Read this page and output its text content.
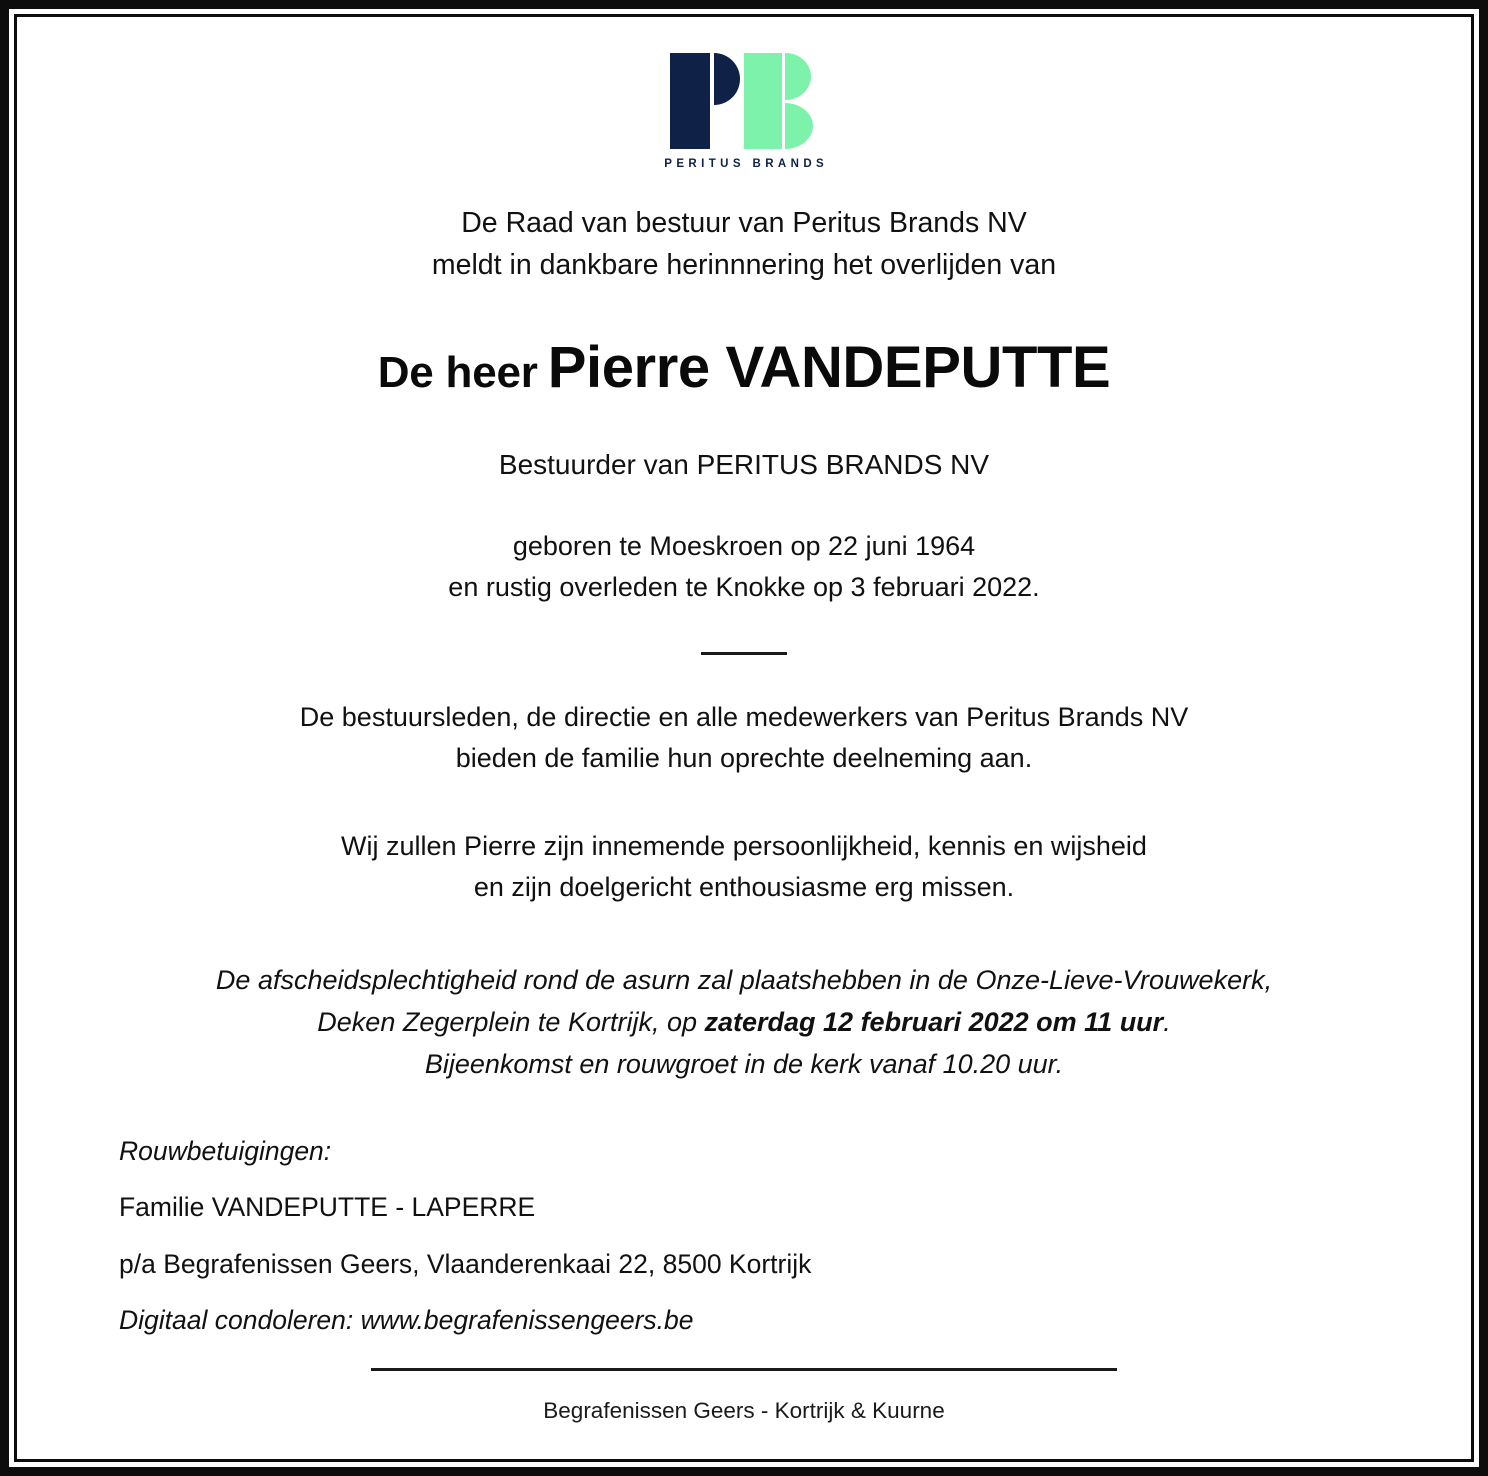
PERITUS BRANDS
De Raad van bestuur van Peritus Brands NV
meldt in dankbare herinnnering het overlijden van
De heer Pierre VANDEPUTTE
Bestuurder van PERITUS BRANDS NV
geboren te Moeskroen op 22 juni 1964
en rustig overleden te Knokke op 3 februari 2022.
De bestuursleden, de directie en alle medewerkers van Peritus Brands NV
bieden de familie hun oprechte deelneming aan.
Wij zullen Pierre zijn innemende persoonlijkheid, kennis en wijsheid
en zijn doelgericht enthousiasme erg missen.
De afscheidsplechtigheid rond de asurn zal plaatshebben in de Onze-Lieve-Vrouwekerk,
Deken Zegerplein te Kortrijk, op zaterdag 12 februari 2022 om 11 uur.
Bijeenkomst en rouwgroet in de kerk vanaf 10.20 uur.
Rouwbetuigingen:
Familie VANDEPUTTE - LAPERRE
p/a Begrafenissen Geers, Vlaanderenkaai 22, 8500 Kortrijk
Digitaal condoleren: www.begrafenissengeers.be
Begrafenissen Geers - Kortrijk & Kuurne
